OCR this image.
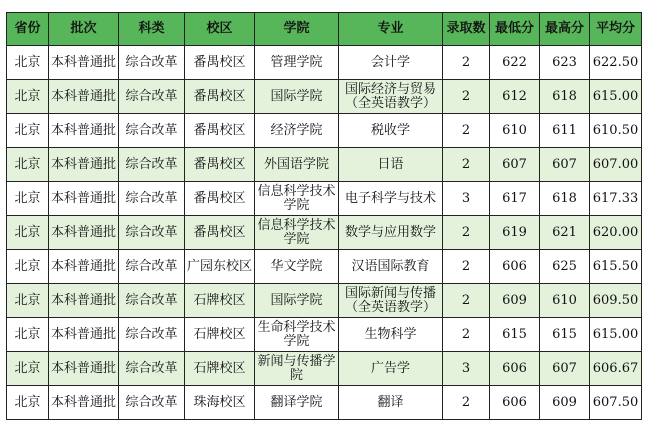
省份	批次	科类	校区	学院	专业	录取数	最低分	最高分	平均分
北京	本科普通批	综合改革	番禺校区	管理学院	会计学	2	622	623	622.50
北京	本科普通批	综合改革	番禺校区	国际学院	国际经济与贸易（全英语教学）	2	612	618	615.00
北京	本科普通批	综合改革	番禺校区	经济学院	税收学	2	610	611	610.50
北京	本科普通批	综合改革	番禺校区	外国语学院	日语	2	607	607	607.00
北京	本科普通批	综合改革	番禺校区	信息科学技术学院	电子科学与技术	3	617	618	617.33
北京	本科普通批	综合改革	番禺校区	信息科学技术学院	数学与应用数学	2	619	621	620.00
北京	本科普通批	综合改革	广园东校区	华文学院	汉语国际教育	2	606	625	615.50
北京	本科普通批	综合改革	石牌校区	国际学院	国际新闻与传播（全英语教学）	2	609	610	609.50
北京	本科普通批	综合改革	石牌校区	生命科学技术学院	生物科学	2	615	615	615.00
北京	本科普通批	综合改革	石牌校区	新闻与传播学院	广告学	3	606	607	606.67
北京	本科普通批	综合改革	珠海校区	翻译学院	翻译	2	606	609	607.50
